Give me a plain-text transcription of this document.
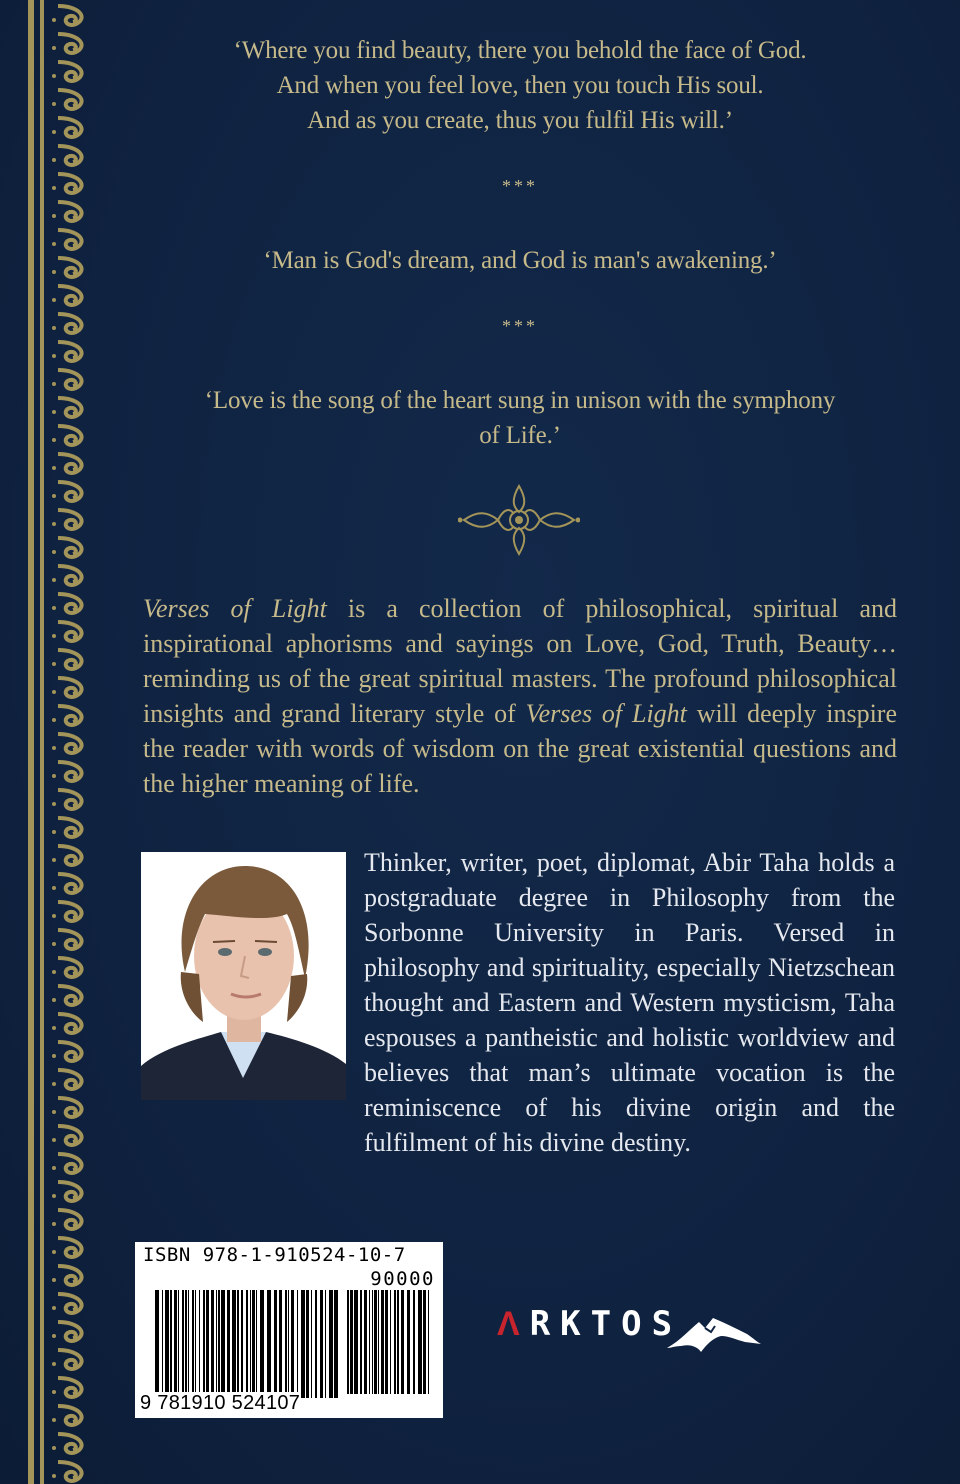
‘Where you find beauty, there you behold the face of God.
And when you feel love, then you touch His soul.
And as you create, thus you fulfil His will.’
***
‘Man is God's dream, and God is man's awakening.’
***
‘Love is the song of the heart sung in unison with the symphony
of Life.’

Verses of Light is a collection of philosophical, spiritual and inspirational aphorisms and sayings on Love, God, Truth, Beauty… reminding us of the great spiritual masters. The profound philosophical insights and grand literary style of Verses of Light will deeply inspire the reader with words of wisdom on the great existential questions and the higher meaning of life.

Thinker, writer, poet, diplomat, Abir Taha holds a postgraduate degree in Philosophy from the Sorbonne University in Paris. Versed in philosophy and spirituality, especially Nietzschean thought and Eastern and Western mysticism, Taha espouses a pantheistic and holistic worldview and believes that man’s ultimate vocation is the reminiscence of his divine origin and the fulfilment of his divine destiny.

ISBN 978-1-910524-10-7
90000
9 781910 524107
ΛRKTOS
